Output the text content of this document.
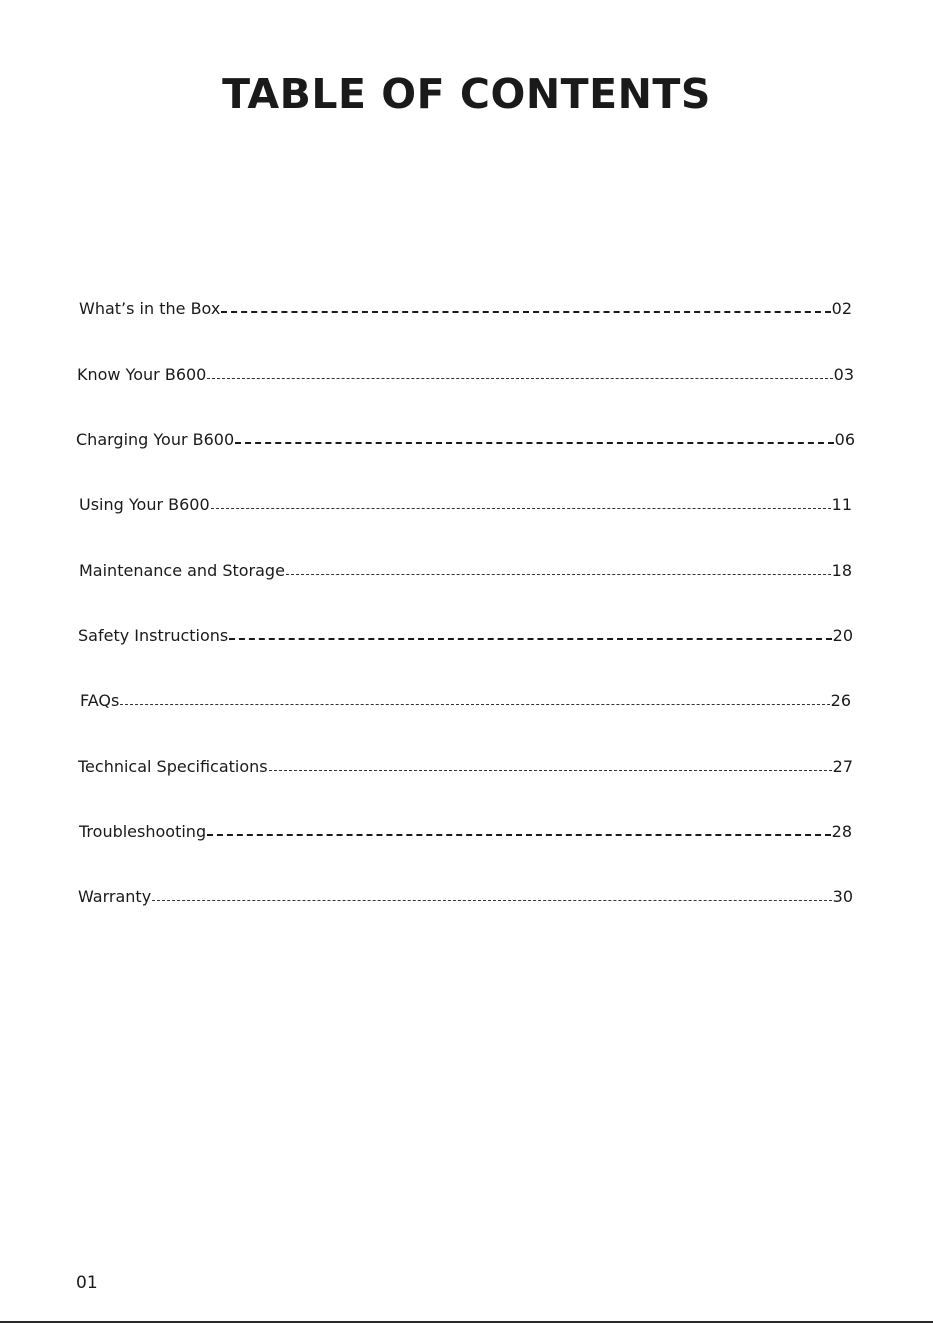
TABLE OF CONTENTS
What’s in the Box	02
Know Your B600	03
Charging Your B600	06
Using Your B600	11
Maintenance and Storage	18
Safety Instructions	20
FAQs	26
Technical Specifications	27
Troubleshooting	28
Warranty	30
01
